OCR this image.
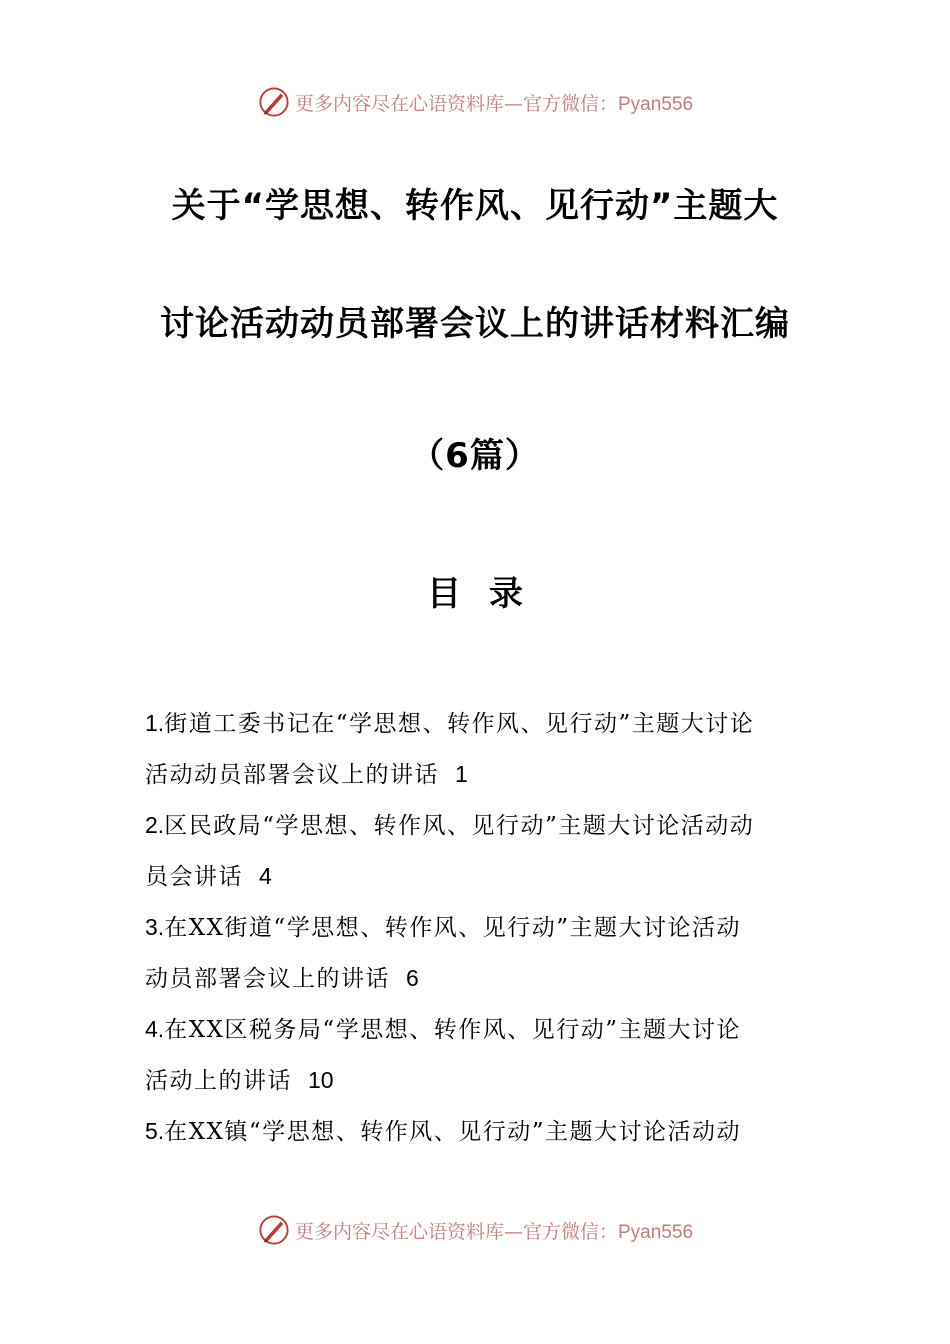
更多内容尽在心语资料库—官方微信：Pyan556
关于“学思想、转作风、见行动”主题大
讨论活动动员部署会议上的讲话材料汇编
（6篇）
目录
1.街道工委书记在“学思想、转作风、见行动”主题大讨论
活动动员部署会议上的讲话 1
2.区民政局“学思想、转作风、见行动”主题大讨论活动动
员会讲话 4
3.在XX街道“学思想、转作风、见行动”主题大讨论活动
动员部署会议上的讲话 6
4.在XX区税务局“学思想、转作风、见行动”主题大讨论
活动上的讲话 10
5.在XX镇“学思想、转作风、见行动”主题大讨论活动动
更多内容尽在心语资料库—官方微信：Pyan556
